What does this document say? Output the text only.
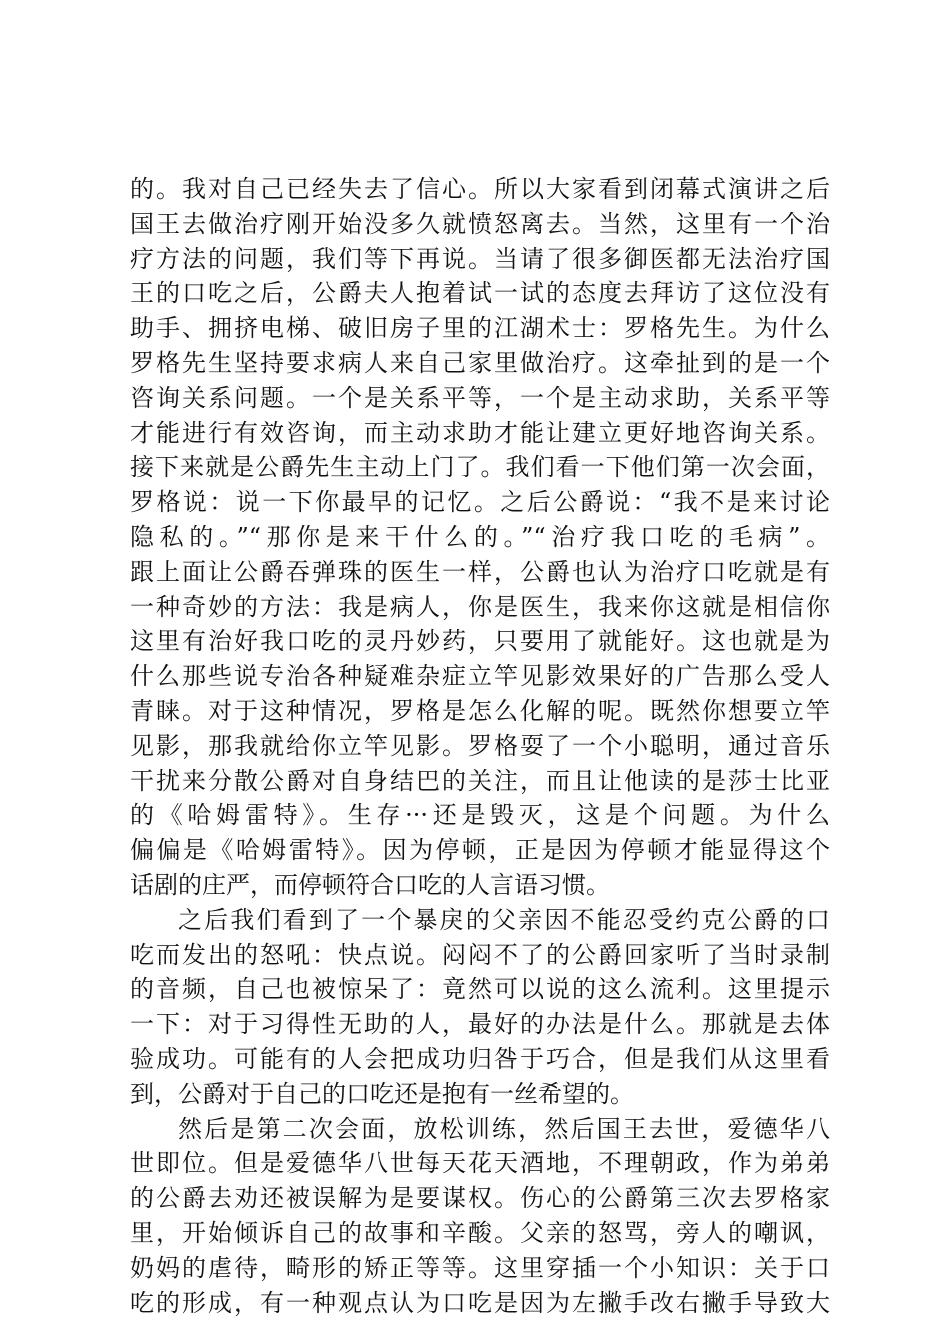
的。我对自己已经失去了信心。所以大家看到闭幕式演讲之后
国王去做治疗刚开始没多久就愤怒离去。当然，这里有一个治
疗方法的问题，我们等下再说。当请了很多御医都无法治疗国
王的口吃之后，公爵夫人抱着试一试的态度去拜访了这位没有
助手、拥挤电梯、破旧房子里的江湖术士：罗格先生。为什么
罗格先生坚持要求病人来自己家里做治疗。这牵扯到的是一个
咨询关系问题。一个是关系平等，一个是主动求助，关系平等
才能进行有效咨询，而主动求助才能让建立更好地咨询关系。
接下来就是公爵先生主动上门了。我们看一下他们第一次会面，
罗格说：说一下你最早的记忆。之后公爵说：“我不是来讨论
隐私的。”“那你是来干什么的。”“治疗我口吃的毛病”。
跟上面让公爵吞弹珠的医生一样，公爵也认为治疗口吃就是有
一种奇妙的方法：我是病人，你是医生，我来你这就是相信你
这里有治好我口吃的灵丹妙药，只要用了就能好。这也就是为
什么那些说专治各种疑难杂症立竿见影效果好的广告那么受人
青睐。对于这种情况，罗格是怎么化解的呢。既然你想要立竿
见影，那我就给你立竿见影。罗格耍了一个小聪明，通过音乐
干扰来分散公爵对自身结巴的关注，而且让他读的是莎士比亚
的《哈姆雷特》。生存···还是毁灭，这是个问题。为什么
偏偏是《哈姆雷特》。因为停顿，正是因为停顿才能显得这个
话剧的庄严，而停顿符合口吃的人言语习惯。
之后我们看到了一个暴戾的父亲因不能忍受约克公爵的口
吃而发出的怒吼：快点说。闷闷不了的公爵回家听了当时录制
的音频，自己也被惊呆了：竟然可以说的这么流利。这里提示
一下：对于习得性无助的人，最好的办法是什么。那就是去体
验成功。可能有的人会把成功归咎于巧合，但是我们从这里看
到，公爵对于自己的口吃还是抱有一丝希望的。
然后是第二次会面，放松训练，然后国王去世，爱德华八
世即位。但是爱德华八世每天花天酒地，不理朝政，作为弟弟
的公爵去劝还被误解为是要谋权。伤心的公爵第三次去罗格家
里，开始倾诉自己的故事和辛酸。父亲的怒骂，旁人的嘲讽，
奶妈的虐待，畸形的矫正等等。这里穿插一个小知识：关于口
吃的形成，有一种观点认为口吃是因为左撇手改右撇手导致大
